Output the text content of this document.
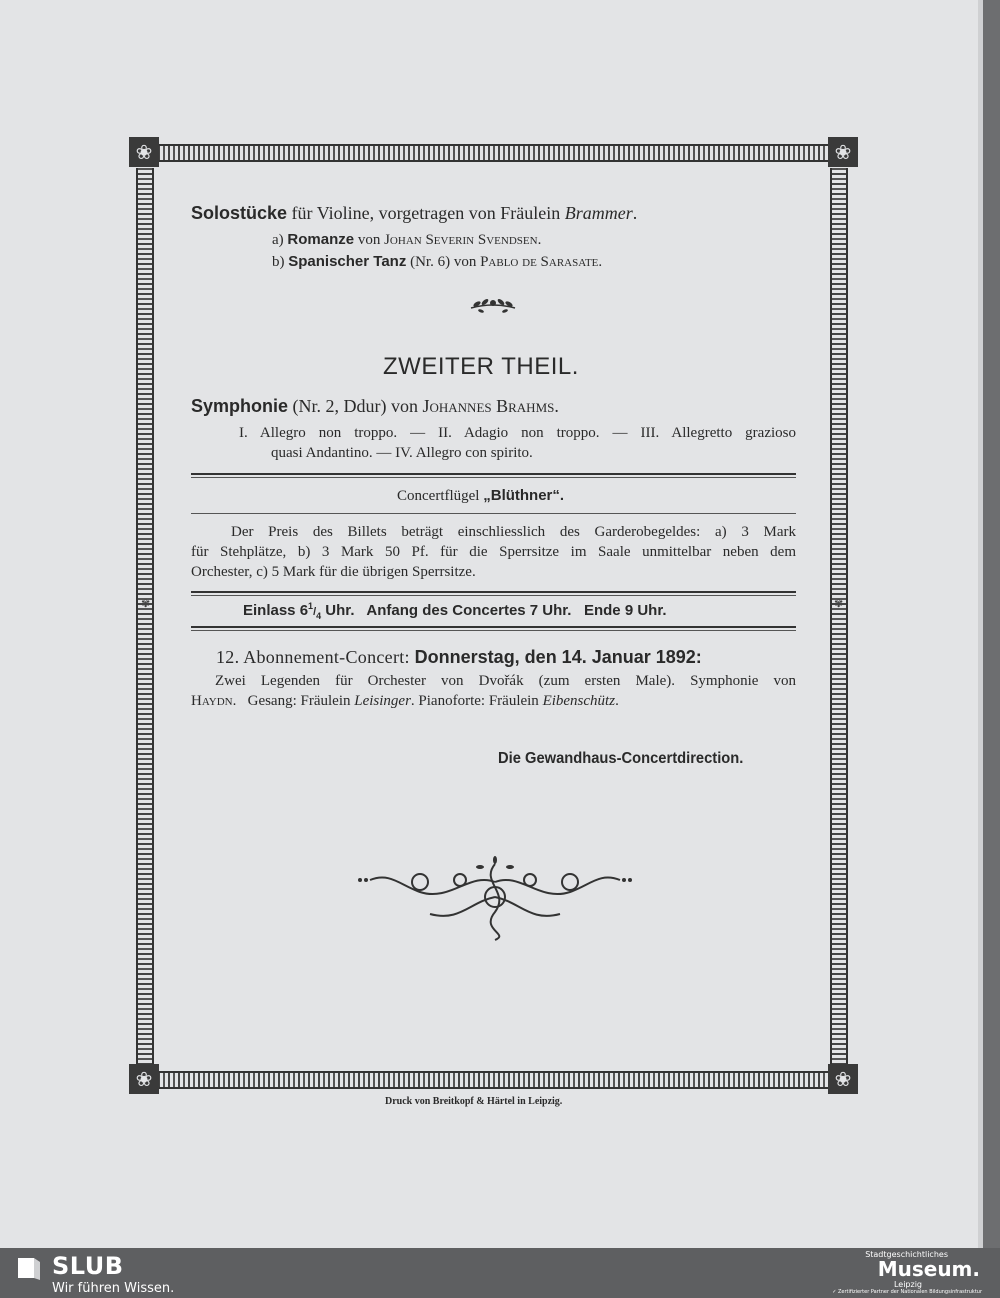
❀
❀
❀
❀
✾	✾
Solostücke für Violine, vorgetragen von Fräulein Brammer.
a) Romanze von Johan Severin Svendsen.
b) Spanischer Tanz (Nr. 6) von Pablo de Sarasate.
ZWEITER THEIL.
Symphonie (Nr. 2, Ddur) von Johannes Brahms.
I. Allegro non troppo. — II. Adagio non troppo. — III. Allegretto grazioso
quasi Andantino. — IV. Allegro con spirito.
Concertflügel „Blüthner“.
Der Preis des Billets beträgt einschliesslich des Garderobegeldes: a) 3 Mark
für Stehplätze, b) 3 Mark 50 Pf. für die Sperrsitze im Saale unmittelbar neben dem
Orchester, c) 5 Mark für die übrigen Sperrsitze.
Einlass $6^1/_4$ Uhr.   Anfang des Concertes 7 Uhr.   Ende 9 Uhr.
12. Abonnement-Concert: Donnerstag, den 14. Januar 1892:
Zwei Legenden für Orchester von Dvořák (zum ersten Male). Symphonie von
Haydn.   Gesang: Fräulein Leisinger. Pianoforte: Fräulein Eibenschütz.
Die Gewandhaus-Concertdirection.
Druck von Breitkopf & Härtel in Leipzig.
SLUB
Wir führen Wissen.
Stadtgeschichtliches
Museum.
Leipzig
✓ Zertifizierter Partner der Nationalen Bildungsinfrastruktur
